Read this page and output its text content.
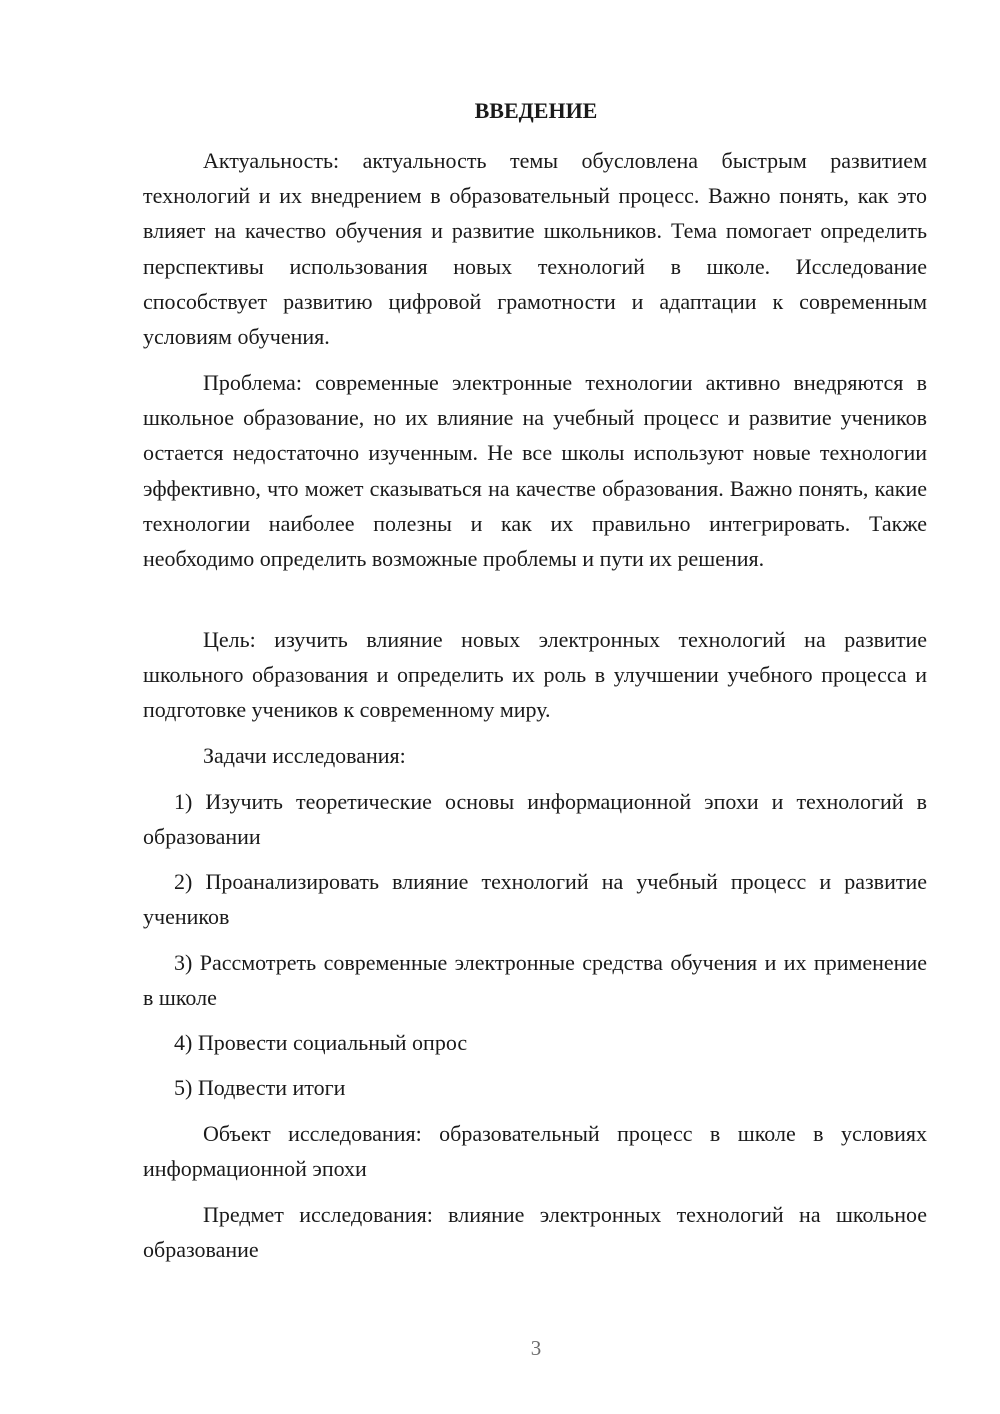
ВВЕДЕНИЕ

Актуальность: актуальность темы обусловлена быстрым развитием технологий и их внедрением в образовательный процесс. Важно понять, как это влияет на качество обучения и развитие школьников. Тема помогает определить перспективы использования новых технологий в школе. Исследование способствует развитию цифровой грамотности и адаптации к современным условиям обучения.

Проблема: современные электронные технологии активно внедряются в школьное образование, но их влияние на учебный процесс и развитие учеников остается недостаточно изученным. Не все школы используют новые технологии эффективно, что может сказываться на качестве образования. Важно понять, какие технологии наиболее полезны и как их правильно интегрировать. Также необходимо определить возможные проблемы и пути их решения.

Цель: изучить влияние новых электронных технологий на развитие школьного образования и определить их роль в улучшении учебного процесса и подготовке учеников к современному миру.

Задачи исследования:

1) Изучить теоретические основы информационной эпохи и технологий в образовании

2) Проанализировать влияние технологий на учебный процесс и развитие учеников

3) Рассмотреть современные электронные средства обучения и их применение в школе

4) Провести социальный опрос

5) Подвести итоги

Объект исследования: образовательный процесс в школе в условиях информационной эпохи

Предмет исследования: влияние электронных технологий на школьное образование

3
